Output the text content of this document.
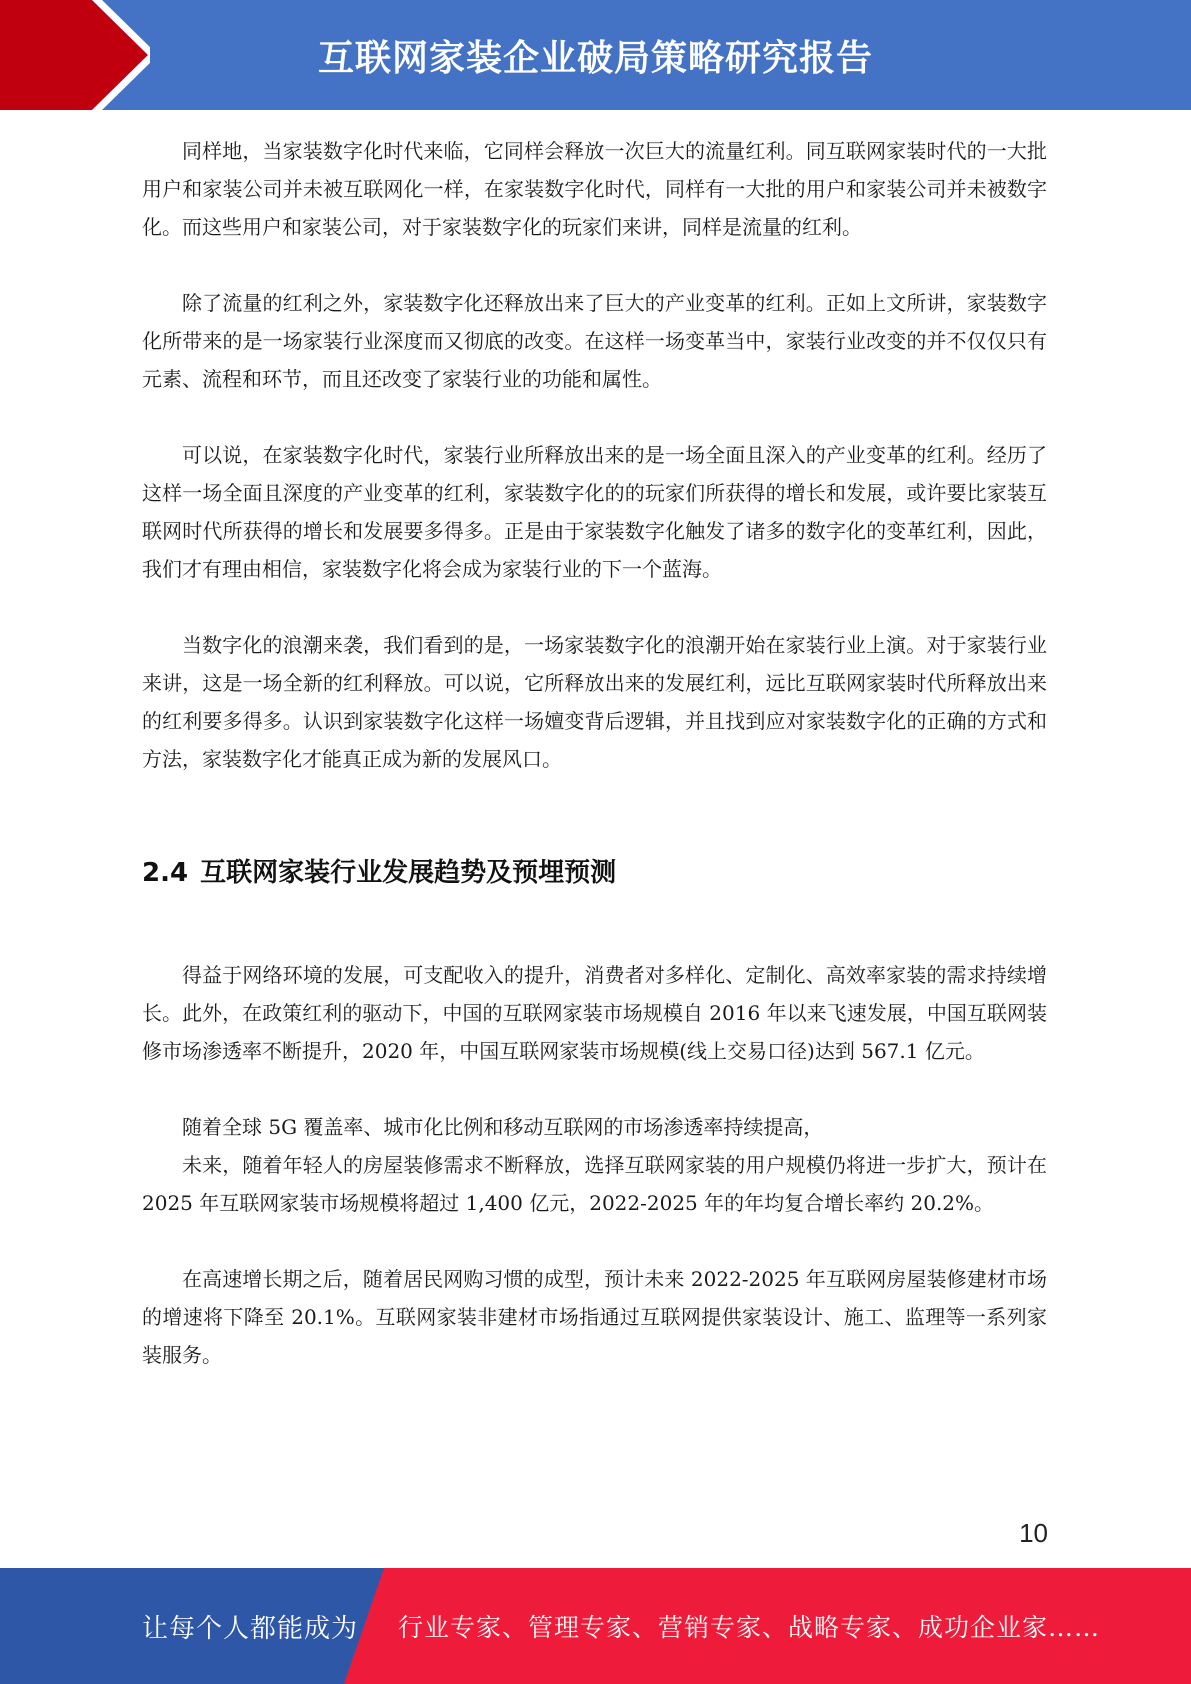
互联网家装企业破局策略研究报告

同样地，当家装数字化时代来临，它同样会释放一次巨大的流量红利。同互联网家装时代的一大批用户和家装公司并未被互联网化一样，在家装数字化时代，同样有一大批的用户和家装公司并未被数字化。而这些用户和家装公司，对于家装数字化的玩家们来讲，同样是流量的红利。

除了流量的红利之外，家装数字化还释放出来了巨大的产业变革的红利。正如上文所讲，家装数字化所带来的是一场家装行业深度而又彻底的改变。在这样一场变革当中，家装行业改变的并不仅仅只有元素、流程和环节，而且还改变了家装行业的功能和属性。

可以说，在家装数字化时代，家装行业所释放出来的是一场全面且深入的产业变革的红利。经历了这样一场全面且深度的产业变革的红利，家装数字化的的玩家们所获得的增长和发展，或许要比家装互联网时代所获得的增长和发展要多得多。正是由于家装数字化触发了诸多的数字化的变革红利，因此，我们才有理由相信，家装数字化将会成为家装行业的下一个蓝海。

当数字化的浪潮来袭，我们看到的是，一场家装数字化的浪潮开始在家装行业上演。对于家装行业来讲，这是一场全新的红利释放。可以说，它所释放出来的发展红利，远比互联网家装时代所释放出来的红利要多得多。认识到家装数字化这样一场嬗变背后逻辑，并且找到应对家装数字化的正确的方式和方法，家装数字化才能真正成为新的发展风口。

2.4 互联网家装行业发展趋势及预埋预测

得益于网络环境的发展，可支配收入的提升，消费者对多样化、定制化、高效率家装的需求持续增长。此外，在政策红利的驱动下，中国的互联网家装市场规模自 2016 年以来飞速发展，中国互联网装修市场渗透率不断提升，2020 年，中国互联网家装市场规模(线上交易口径)达到 567.1 亿元。

随着全球 5G 覆盖率、城市化比例和移动互联网的市场渗透率持续提高，

未来，随着年轻人的房屋装修需求不断释放，选择互联网家装的用户规模仍将进一步扩大，预计在 2025 年互联网家装市场规模将超过 1,400 亿元，2022-2025 年的年均复合增长率约 20.2%。

在高速增长期之后，随着居民网购习惯的成型，预计未来 2022-2025 年互联网房屋装修建材市场的增速将下降至 20.1%。互联网家装非建材市场指通过互联网提供家装设计、施工、监理等一系列家装服务。

10
让每个人都能成为 行业专家、管理专家、营销专家、战略专家、成功企业家……
